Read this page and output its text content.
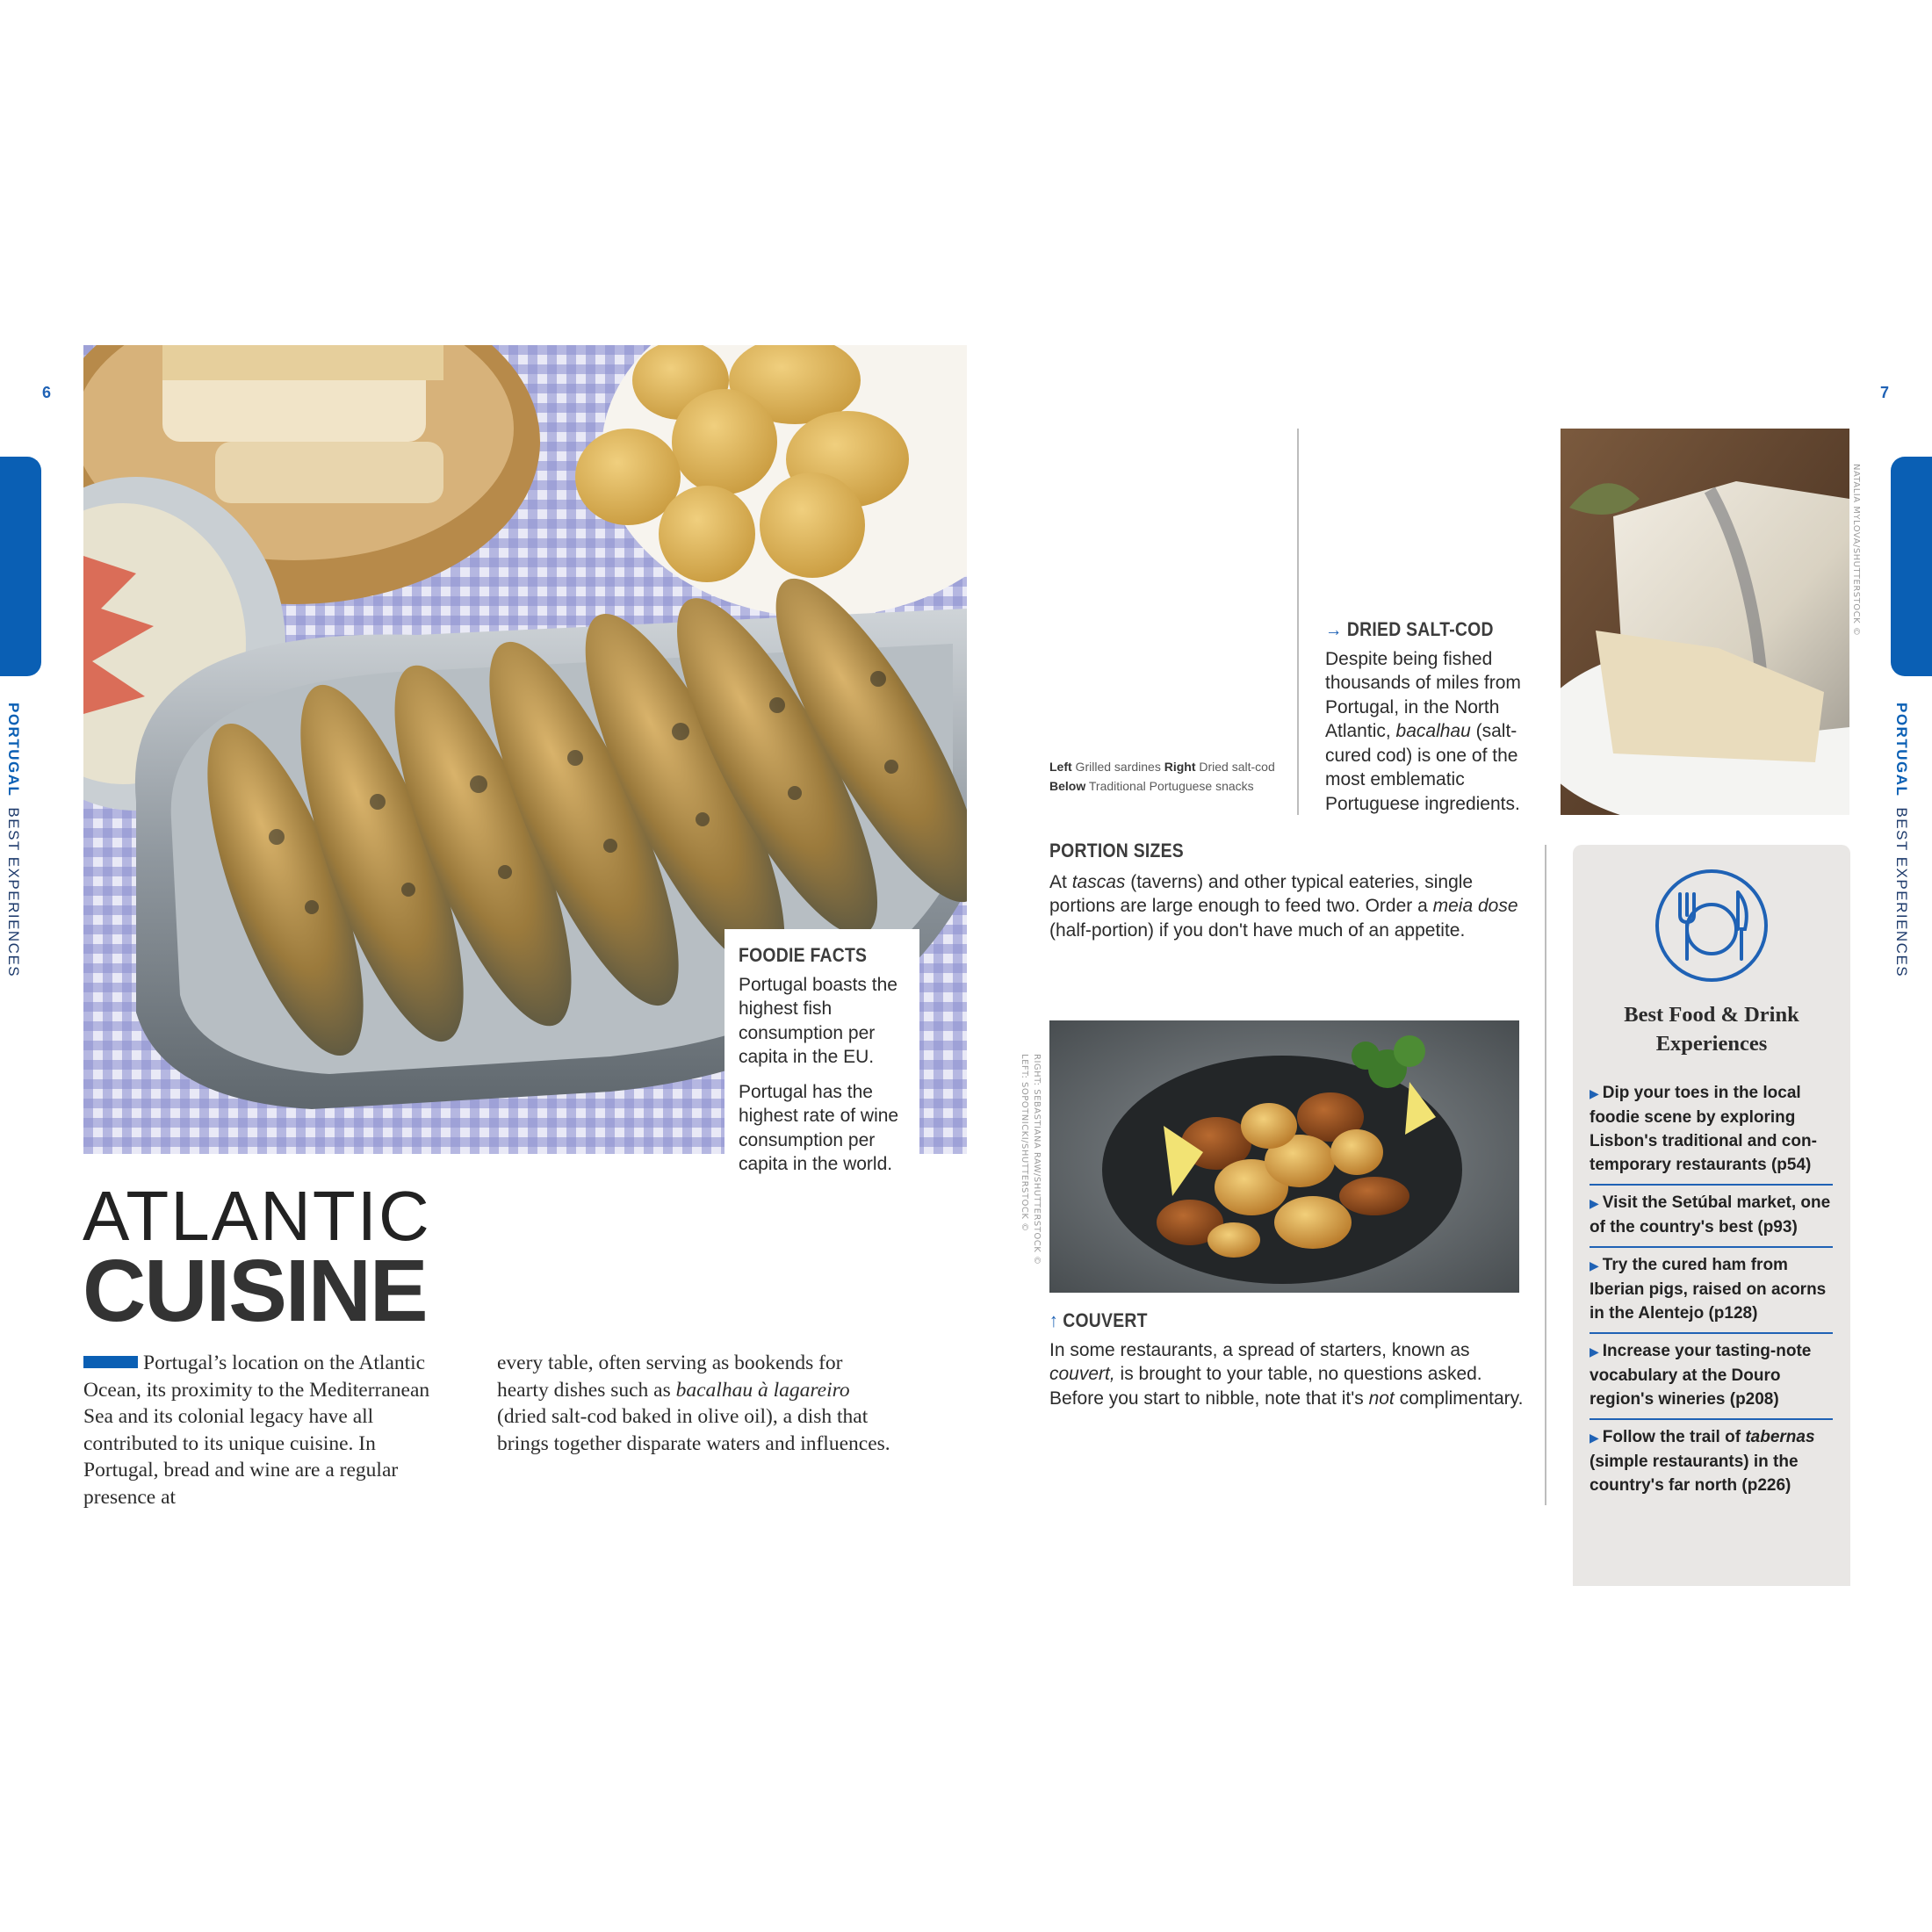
6	7
PORTUGALBEST EXPERIENCES
PORTUGALBEST EXPERIENCES
FOODIE FACTS

Portugal boasts the highest fish consumption per capita in the EU.

Portugal has the highest rate of wine consumption per capita in the world.

ATLANTIC
CUISINE
Portugal’s location on the Atlantic Ocean, its proximity to the Mediterranean Sea and its colonial legacy have all contributed to its unique cuisine. In Portugal, bread and wine are a regular presence at
every table, often serving as bookends for hearty dishes such as bacalhau à lagareiro (dried salt-cod baked in olive oil), a dish that brings together disparate waters and influences.
Left Grilled sardines Right Dried salt-cod Below Traditional Portuguese snacks
→ DRIED SALT-COD
Despite being fished thousands of miles from Portugal, in the North Atlantic, bacalhau (salt-cured cod) is one of the most emblematic Portuguese ingredients.
NATALIA MYLOVA/SHUTTERSTOCK ©
PORTION SIZES
At tascas (taverns) and other typical eateries, single portions are large enough to feed two. Order a meia dose (half-portion) if you don't have much of an appetite.
RIGHT: SEBASTIANA RAW/SHUTTERSTOCK ©
LEFT: SOPOTNICKI/SHUTTERSTOCK ©
↑ COUVERT
In some restaurants, a spread of starters, known as couvert, is brought to your table, no questions asked. Before you start to nibble, note that it's not complimentary.
Best Food & Drink Experiences
▶ Dip your toes in the local foodie scene by exploring Lisbon's traditional and con-temporary restaurants (p54)
▶ Visit the Setúbal market, one of the country's best (p93)
▶ Try the cured ham from Iberian pigs, raised on acorns in the Alentejo (p128)
▶ Increase your tasting-note vocabulary at the Douro region's wineries (p208)
▶ Follow the trail of tabernas (simple restaurants) in the country's far north (p226)
